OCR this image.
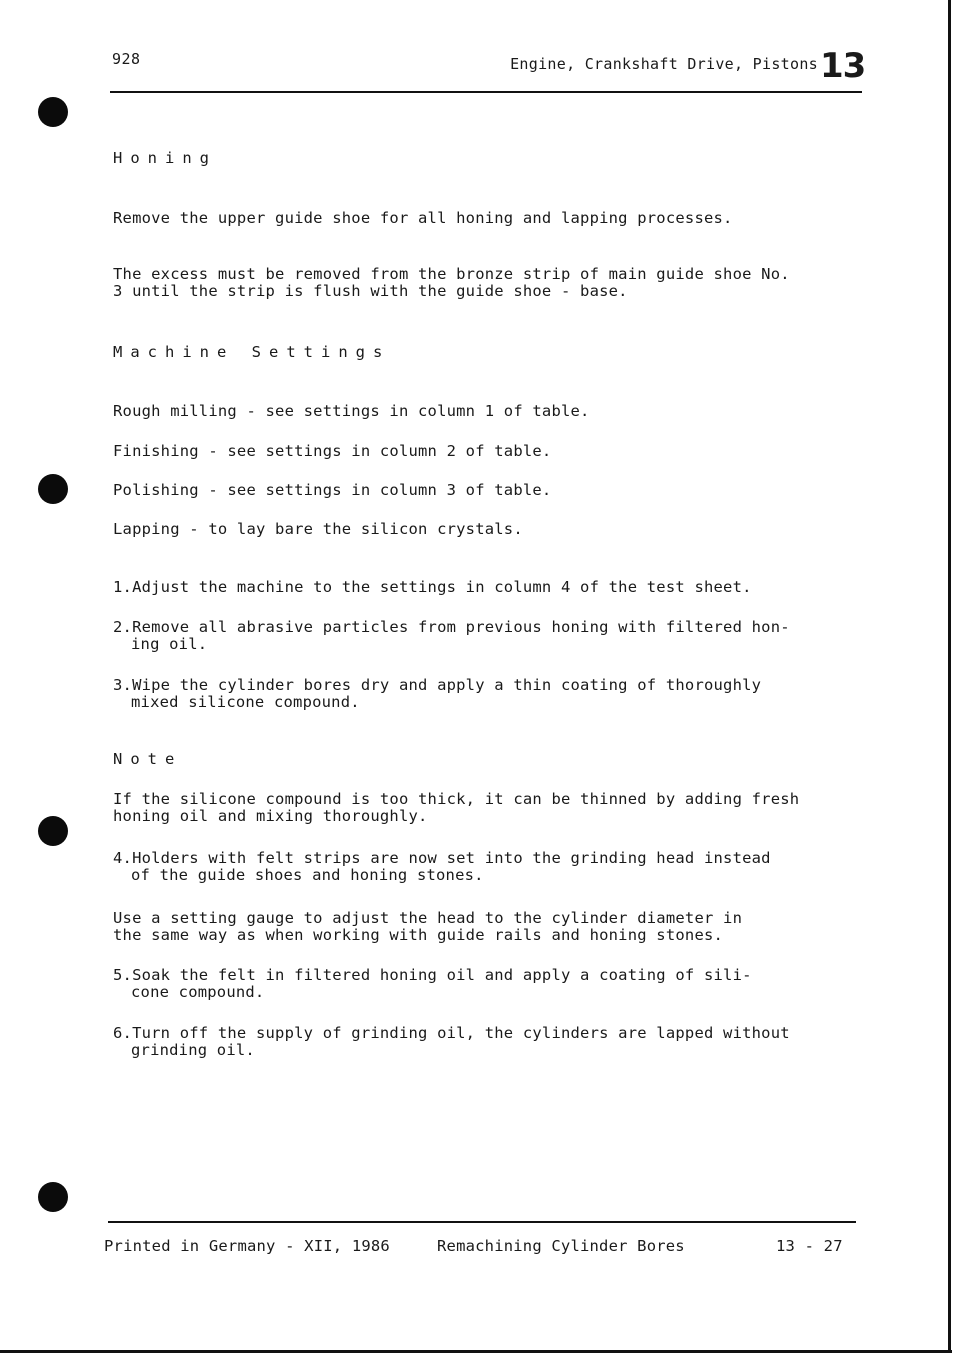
928	Engine, Crankshaft Drive, Pistons 13
Honing
Remove the upper guide shoe for all honing and lapping processes.
The excess must be removed from the bronze strip of main guide shoe No.
3 until the strip is flush with the guide shoe - base.
Machine Settings
Rough milling - see settings in column 1 of table.
Finishing - see settings in column 2 of table.
Polishing - see settings in column 3 of table.
Lapping - to lay bare the silicon crystals.
1.Adjust the machine to the settings in column 4 of the test sheet.
2.Remove all abrasive particles from previous honing with filtered hon-
ing oil.
3.Wipe the cylinder bores dry and apply a thin coating of thoroughly
mixed silicone compound.
Note
If the silicone compound is too thick, it can be thinned by adding fresh
honing oil and mixing thoroughly.
4.Holders with felt strips are now set into the grinding head instead
of the guide shoes and honing stones.
Use a setting gauge to adjust the head to the cylinder diameter in
the same way as when working with guide rails and honing stones.
5.Soak the felt in filtered honing oil and apply a coating of sili-
cone compound.
6.Turn off the supply of grinding oil, the cylinders are lapped without
grinding oil.
Printed in Germany - XII, 1986	Remachining Cylinder Bores	13 - 27
